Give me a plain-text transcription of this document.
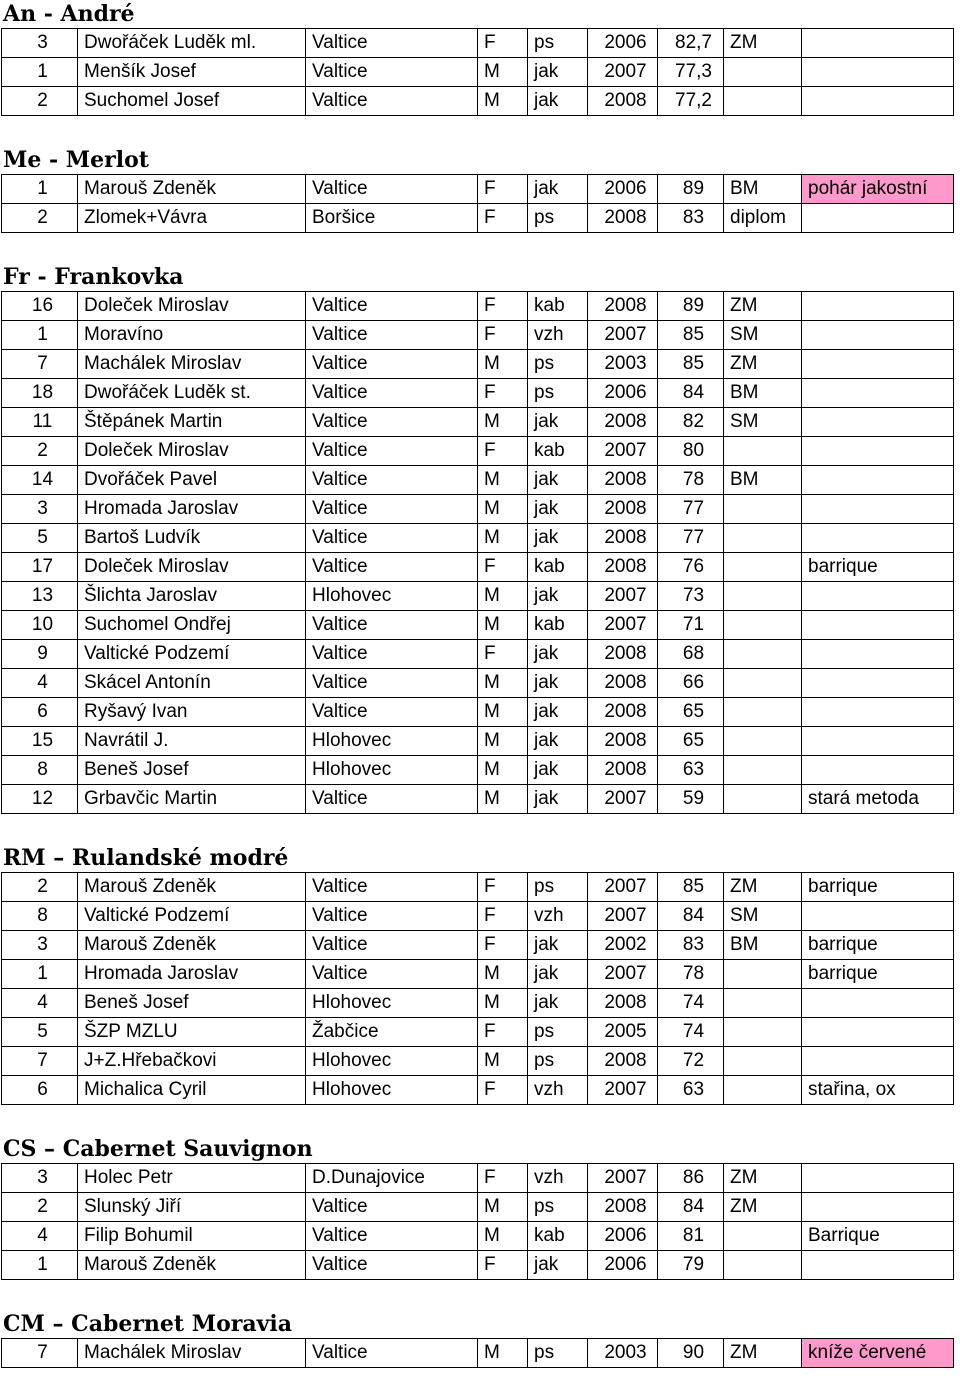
An - André
3	Dwořáček Luděk ml.	Valtice	F	ps	2006	82,7	ZM	
1	Menšík Josef	Valtice	M	jak	2007	77,3		
2	Suchomel Josef	Valtice	M	jak	2008	77,2		
Me - Merlot
1	Marouš Zdeněk	Valtice	F	jak	2006	89	BM	pohár jakostní
2	Zlomek+Vávra	Boršice	F	ps	2008	83	diplom	
Fr - Frankovka
16	Doleček Miroslav	Valtice	F	kab	2008	89	ZM	
1	Moravíno	Valtice	F	vzh	2007	85	SM	
7	Machálek Miroslav	Valtice	M	ps	2003	85	ZM	
18	Dwořáček Luděk st.	Valtice	F	ps	2006	84	BM	
11	Štěpánek Martin	Valtice	M	jak	2008	82	SM	
2	Doleček Miroslav	Valtice	F	kab	2007	80		
14	Dvořáček Pavel	Valtice	M	jak	2008	78	BM	
3	Hromada Jaroslav	Valtice	M	jak	2008	77		
5	Bartoš Ludvík	Valtice	M	jak	2008	77		
17	Doleček Miroslav	Valtice	F	kab	2008	76		barrique
13	Šlichta Jaroslav	Hlohovec	M	jak	2007	73		
10	Suchomel Ondřej	Valtice	M	kab	2007	71		
9	Valtické Podzemí	Valtice	F	jak	2008	68		
4	Skácel Antonín	Valtice	M	jak	2008	66		
6	Ryšavý Ivan	Valtice	M	jak	2008	65		
15	Navrátil J.	Hlohovec	M	jak	2008	65		
8	Beneš Josef	Hlohovec	M	jak	2008	63		
12	Grbavčic Martin	Valtice	M	jak	2007	59		stará metoda
RM – Rulandské modré
2	Marouš Zdeněk	Valtice	F	ps	2007	85	ZM	barrique
8	Valtické Podzemí	Valtice	F	vzh	2007	84	SM	
3	Marouš Zdeněk	Valtice	F	jak	2002	83	BM	barrique
1	Hromada Jaroslav	Valtice	M	jak	2007	78		barrique
4	Beneš Josef	Hlohovec	M	jak	2008	74		
5	ŠZP MZLU	Žabčice	F	ps	2005	74		
7	J+Z.Hřebačkovi	Hlohovec	M	ps	2008	72		
6	Michalica Cyril	Hlohovec	F	vzh	2007	63		stařina, ox
CS – Cabernet Sauvignon
3	Holec Petr	D.Dunajovice	F	vzh	2007	86	ZM	
2	Slunský Jiří	Valtice	M	ps	2008	84	ZM	
4	Filip Bohumil	Valtice	M	kab	2006	81		Barrique
1	Marouš Zdeněk	Valtice	F	jak	2006	79		
CM – Cabernet Moravia
7	Machálek Miroslav	Valtice	M	ps	2003	90	ZM	kníže červené
